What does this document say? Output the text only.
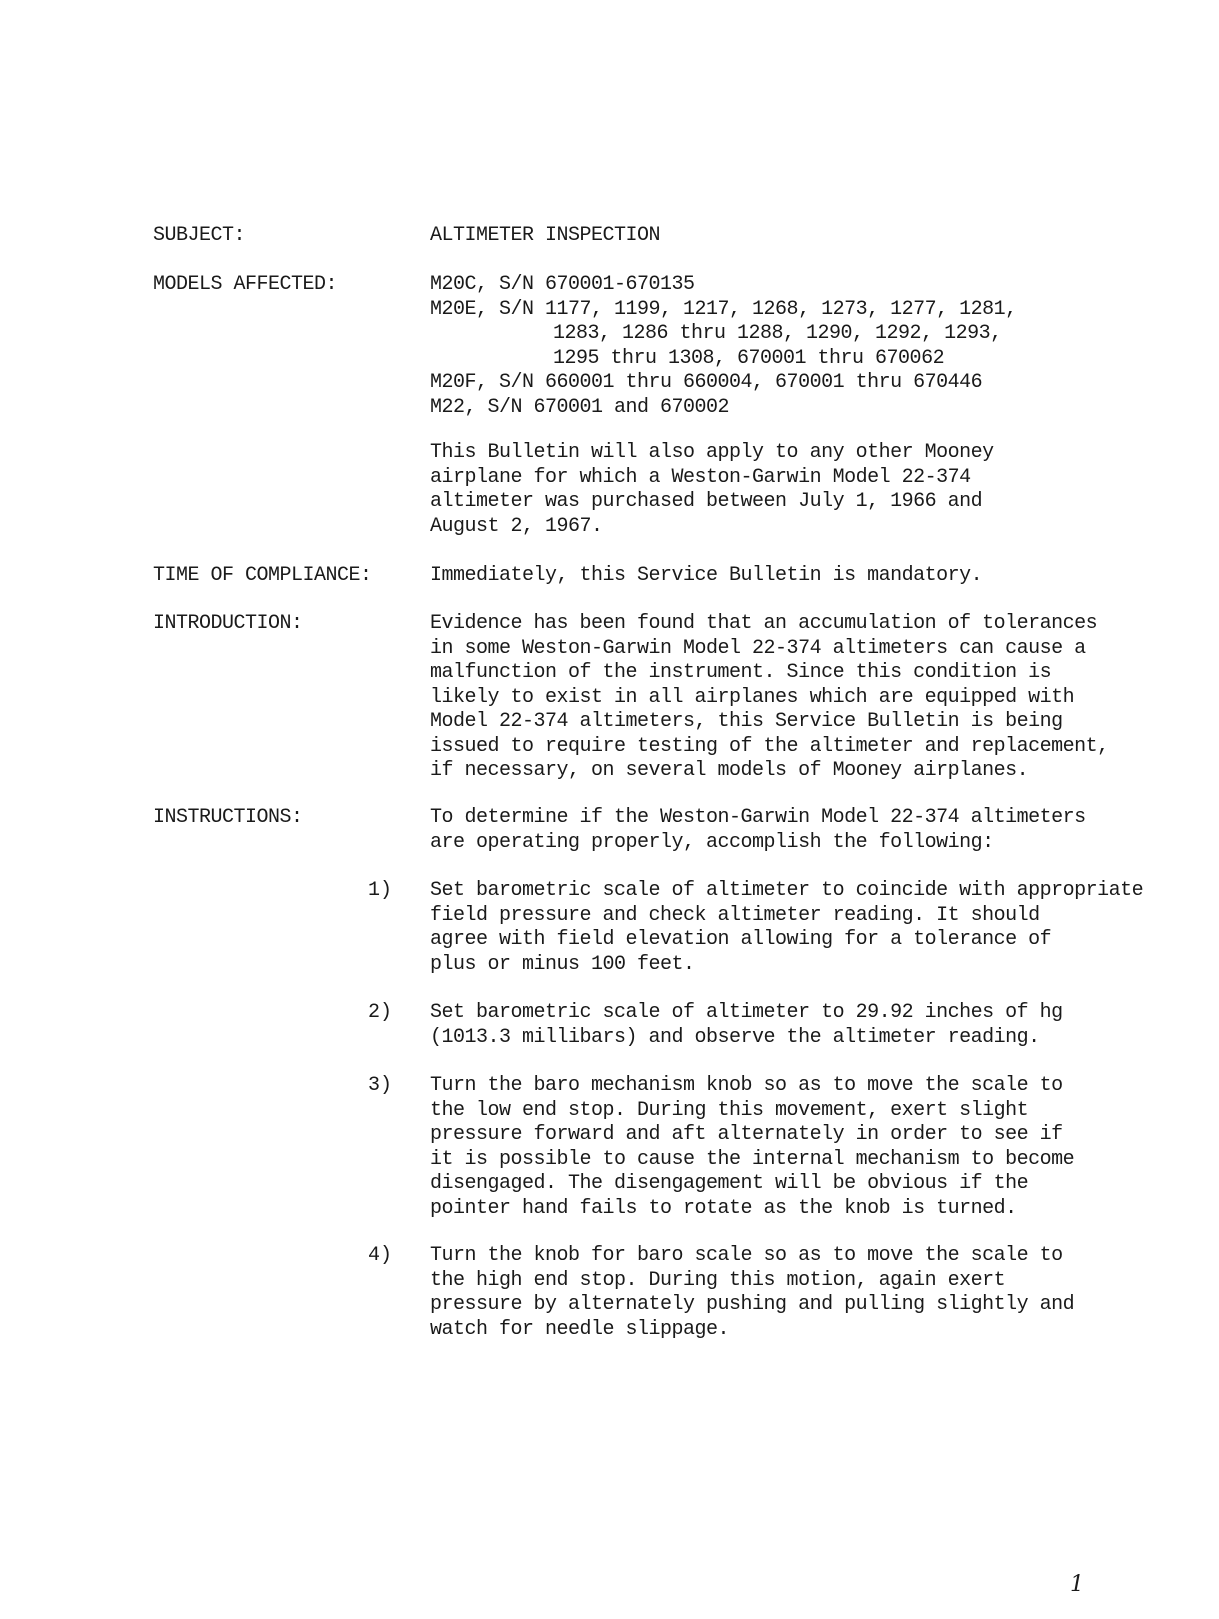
SUBJECT:	ALTIMETER INSPECTION
MODELS AFFECTED:	M20C, S/N 670001-670135
M20E, S/N 1177, 1199, 1217, 1268, 1273, 1277, 1281,
1283, 1286 thru 1288, 1290, 1292, 1293,
1295 thru 1308, 670001 thru 670062
M20F, S/N 660001 thru 660004, 670001 thru 670446
M22, S/N 670001 and 670002
This Bulletin will also apply to any other Mooney
airplane for which a Weston-Garwin Model 22-374
altimeter was purchased between July 1, 1966 and
August 2, 1967.
TIME OF COMPLIANCE:	Immediately, this Service Bulletin is mandatory.
INTRODUCTION:	Evidence has been found that an accumulation of tolerances
in some Weston-Garwin Model 22-374 altimeters can cause a
malfunction of the instrument. Since this condition is
likely to exist in all airplanes which are equipped with
Model 22-374 altimeters, this Service Bulletin is being
issued to require testing of the altimeter and replacement,
if necessary, on several models of Mooney airplanes.
INSTRUCTIONS:	To determine if the Weston-Garwin Model 22-374 altimeters
are operating properly, accomplish the following:
1) Set barometric scale of altimeter to coincide with appropriate
field pressure and check altimeter reading. It should
agree with field elevation allowing for a tolerance of
plus or minus 100 feet.
2) Set barometric scale of altimeter to 29.92 inches of hg
(1013.3 millibars) and observe the altimeter reading.
3) Turn the baro mechanism knob so as to move the scale to
the low end stop. During this movement, exert slight
pressure forward and aft alternately in order to see if
it is possible to cause the internal mechanism to become
disengaged. The disengagement will be obvious if the
pointer hand fails to rotate as the knob is turned.
4) Turn the knob for baro scale so as to move the scale to
the high end stop. During this motion, again exert
pressure by alternately pushing and pulling slightly and
watch for needle slippage.
1
